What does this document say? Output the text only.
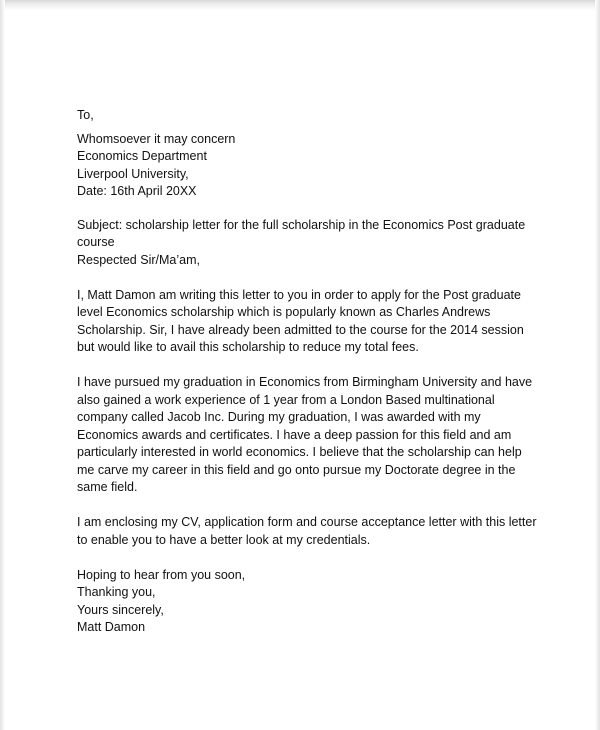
To,
Whomsoever it may concern
Economics Department
Liverpool University,
Date: 16th April 20XX
Subject: scholarship letter for the full scholarship in the Economics Post graduate
course
Respected Sir/Ma’am,
I, Matt Damon am writing this letter to you in order to apply for the Post graduate
level Economics scholarship which is popularly known as Charles Andrews
Scholarship. Sir, I have already been admitted to the course for the 2014 session
but would like to avail this scholarship to reduce my total fees.
I have pursued my graduation in Economics from Birmingham University and have
also gained a work experience of 1 year from a London Based multinational
company called Jacob Inc. During my graduation, I was awarded with my
Economics awards and certificates. I have a deep passion for this field and am
particularly interested in world economics. I believe that the scholarship can help
me carve my career in this field and go onto pursue my Doctorate degree in the
same field.
I am enclosing my CV, application form and course acceptance letter with this letter
to enable you to have a better look at my credentials.
Hoping to hear from you soon,
Thanking you,
Yours sincerely,
Matt Damon
